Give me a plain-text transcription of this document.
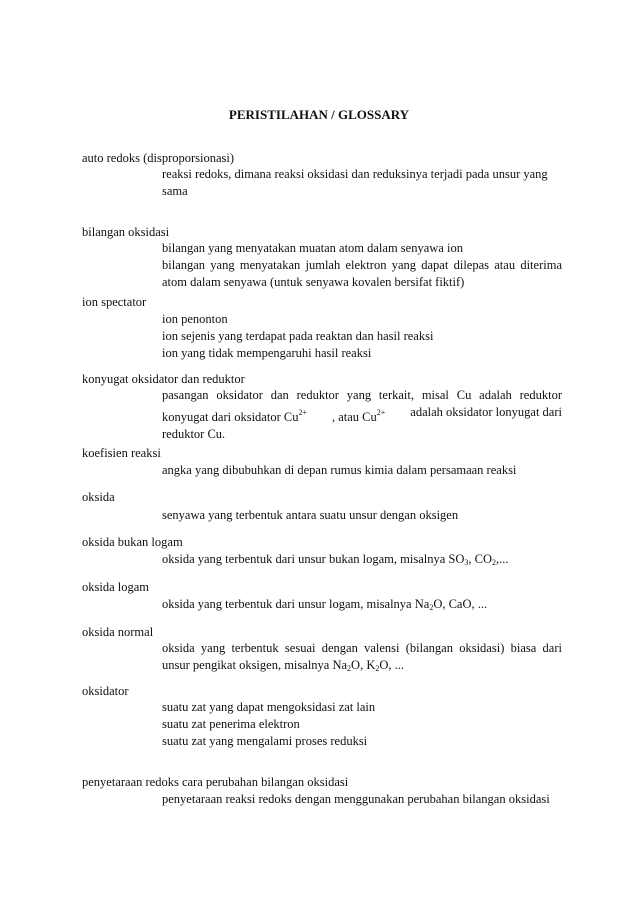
PERISTILAHAN / GLOSSARY
auto redoks (disproporsionasi)
reaksi redoks, dimana reaksi oksidasi dan reduksinya terjadi pada unsur yang
sama
bilangan oksidasi
bilangan yang menyatakan muatan atom dalam senyawa ion
bilangan yang menyatakan jumlah elektron yang dapat dilepas atau diterima
atom dalam senyawa (untuk senyawa kovalen bersifat fiktif)
ion spectator
ion penonton
ion sejenis yang terdapat pada reaktan dan hasil reaksi
ion yang tidak mempengaruhi hasil reaksi
konyugat oksidator dan reduktor
pasangan oksidator dan reduktor yang terkait, misal Cu adalah reduktor
konyugat dari oksidator $Cu^{2+}$ , atau $Cu^{2+}$ adalah oksidator lonyugat dari
reduktor Cu.
koefisien reaksi
angka yang dibubuhkan di depan rumus kimia dalam persamaan reaksi
oksida
senyawa yang terbentuk antara suatu unsur dengan oksigen
oksida bukan logam
oksida yang terbentuk dari unsur bukan logam, misalnya $SO_3$, $CO_2$,...
oksida logam
oksida yang terbentuk dari unsur logam, misalnya $Na_2O$, CaO, ...
oksida normal
oksida yang terbentuk sesuai dengan valensi (bilangan oksidasi) biasa dari
unsur pengikat oksigen, misalnya $Na_2O$, $K_2O$, ...
oksidator
suatu zat yang dapat mengoksidasi zat lain
suatu zat penerima elektron
suatu zat yang mengalami proses reduksi
penyetaraan redoks cara perubahan bilangan oksidasi
penyetaraan reaksi redoks dengan menggunakan perubahan bilangan oksidasi
